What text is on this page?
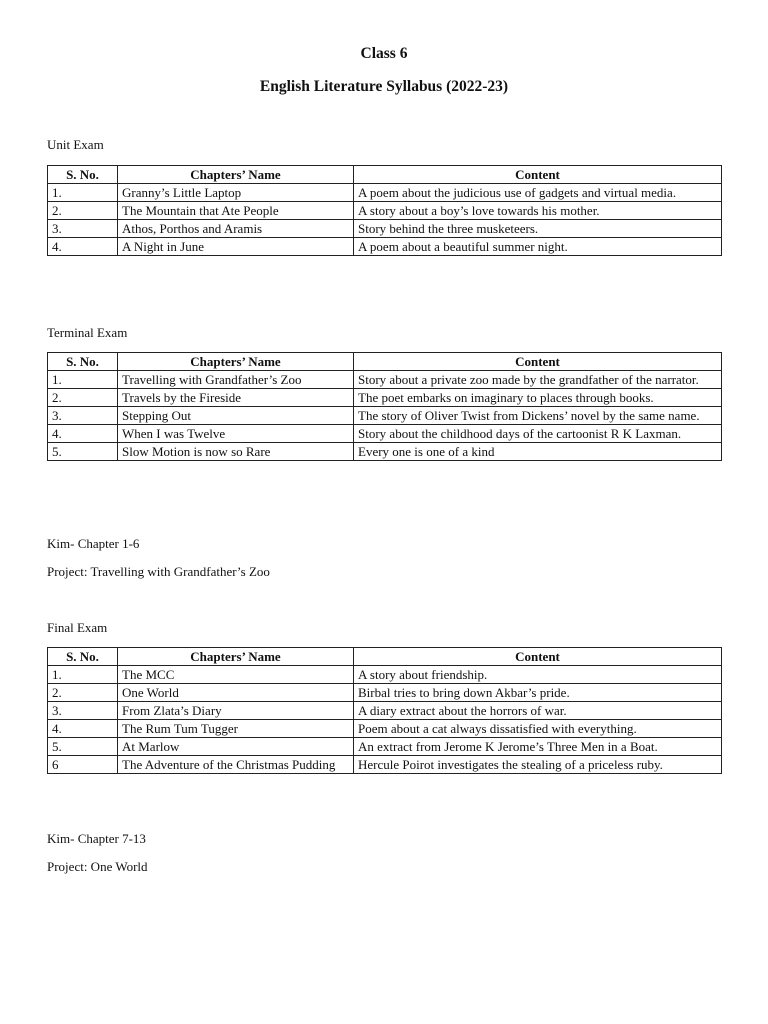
Class 6
English Literature Syllabus (2022-23)
Unit Exam
S. No.	Chapters’ Name	Content
1.	Granny’s Little Laptop	A poem about the judicious use of gadgets and virtual media.
2.	The Mountain that Ate People	A story about a boy’s love towards his mother.
3.	Athos, Porthos and Aramis	Story behind the three musketeers.
4.	A Night in June	A poem about a beautiful summer night.
Terminal Exam
S. No.	Chapters’ Name	Content
1.	Travelling with Grandfather’s Zoo	Story about a private zoo made by the grandfather of the narrator.
2.	Travels by the Fireside	The poet embarks on imaginary to places through books.
3.	Stepping Out	The story of Oliver Twist from Dickens’ novel by the same name.
4.	When I was Twelve	Story about the childhood days of the cartoonist R K Laxman.
5.	Slow Motion is now so Rare	Every one is one of a kind
Kim- Chapter 1-6
Project: Travelling with Grandfather’s Zoo
Final Exam
S. No.	Chapters’ Name	Content
1.	The MCC	A story about friendship.
2.	One World	Birbal tries to bring down Akbar’s pride.
3.	From Zlata’s Diary	A diary extract about the horrors of war.
4.	The Rum Tum Tugger	Poem about a cat always dissatisfied with everything.
5.	At Marlow	An extract from Jerome K Jerome’s Three Men in a Boat.
6	The Adventure of the Christmas Pudding	Hercule Poirot investigates the stealing of a priceless ruby.
Kim- Chapter 7-13
Project: One World
